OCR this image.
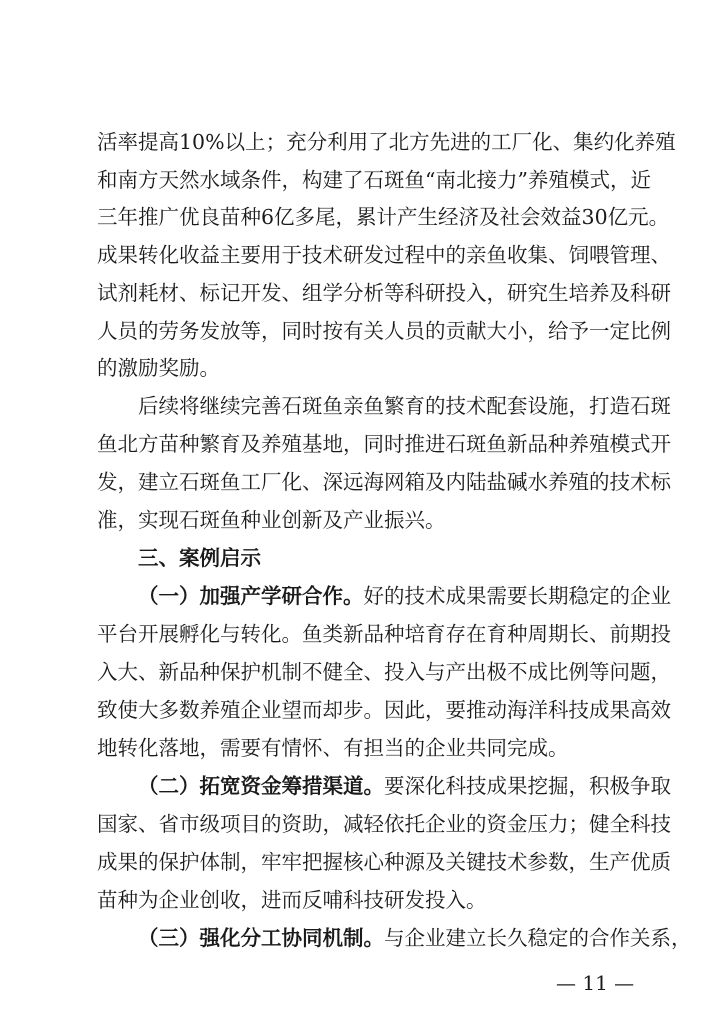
活率提高10%以上；充分利用了北方先进的工厂化、集约化养殖
和南方天然水域条件，构建了石斑鱼“南北接力”养殖模式，近
三年推广优良苗种6亿多尾，累计产生经济及社会效益30亿元。
成果转化收益主要用于技术研发过程中的亲鱼收集、饲喂管理、
试剂耗材、标记开发、组学分析等科研投入，研究生培养及科研
人员的劳务发放等，同时按有关人员的贡献大小，给予一定比例
的激励奖励。
后续将继续完善石斑鱼亲鱼繁育的技术配套设施，打造石斑
鱼北方苗种繁育及养殖基地，同时推进石斑鱼新品种养殖模式开
发，建立石斑鱼工厂化、深远海网箱及内陆盐碱水养殖的技术标
准，实现石斑鱼种业创新及产业振兴。
三、案例启示
（一）加强产学研合作。好的技术成果需要长期稳定的企业
平台开展孵化与转化。鱼类新品种培育存在育种周期长、前期投
入大、新品种保护机制不健全、投入与产出极不成比例等问题，
致使大多数养殖企业望而却步。因此，要推动海洋科技成果高效
地转化落地，需要有情怀、有担当的企业共同完成。
（二）拓宽资金筹措渠道。要深化科技成果挖掘，积极争取
国家、省市级项目的资助，减轻依托企业的资金压力；健全科技
成果的保护体制，牢牢把握核心种源及关键技术参数，生产优质
苗种为企业创收，进而反哺科技研发投入。
（三）强化分工协同机制。与企业建立长久稳定的合作关系，
— 11 —
